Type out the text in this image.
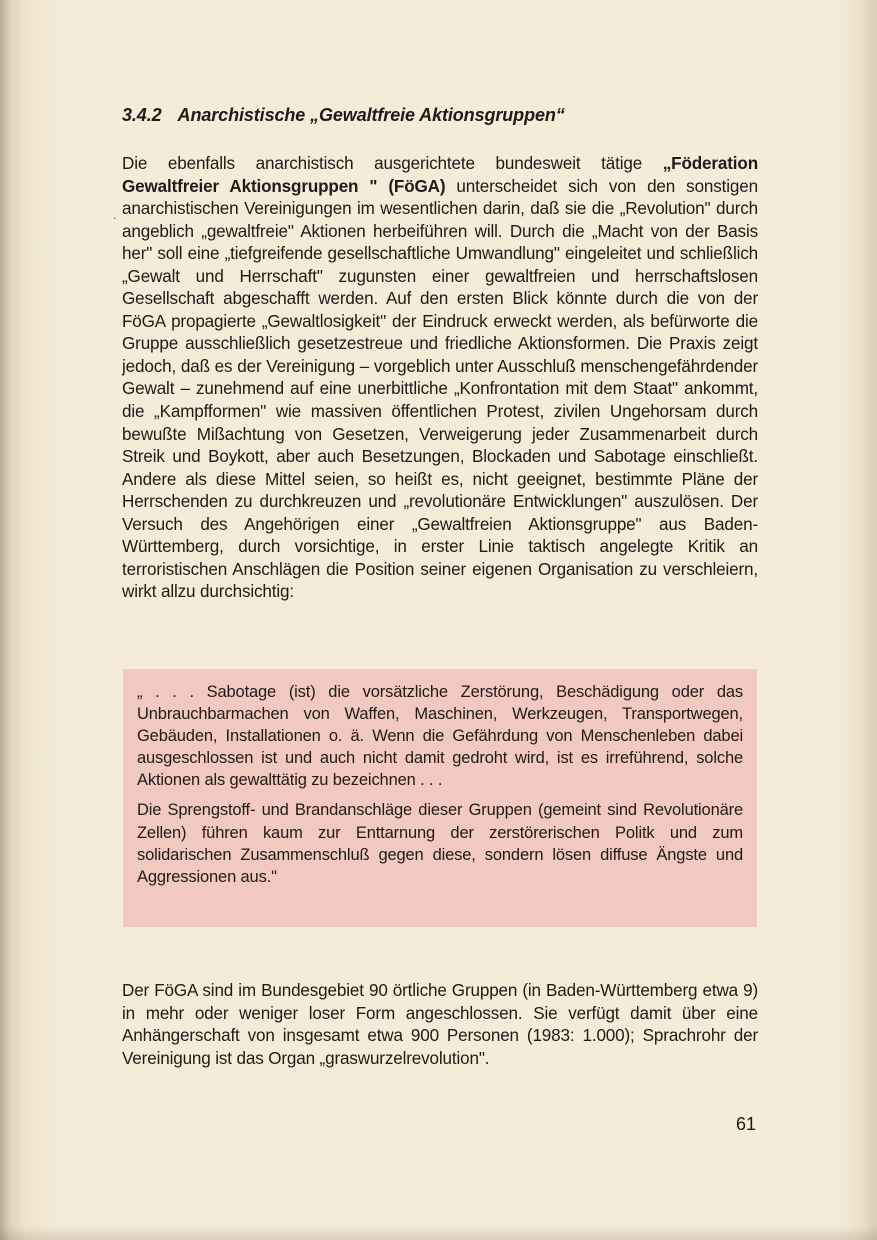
.
3.4.2 Anarchistische „Gewaltfreie Aktionsgruppen“

Die ebenfalls anarchistisch ausgerichtete bundesweit tätige „Föderation Gewaltfreier Aktionsgruppen " (FöGA) unterscheidet sich von den sonstigen anarchistischen Vereinigungen im wesentlichen darin, daß sie die „Revolution" durch angeblich „gewaltfreie" Aktionen herbeiführen will. Durch die „Macht von der Basis her" soll eine „tiefgreifende gesellschaftliche Umwandlung" eingeleitet und schließlich „Gewalt und Herrschaft" zugunsten einer gewaltfreien und herrschaftslosen Gesellschaft abgeschafft werden. Auf den ersten Blick könnte durch die von der FöGA propagierte „Gewaltlosigkeit" der Eindruck erweckt werden, als befürworte die Gruppe ausschließlich gesetzestreue und friedliche Aktionsformen. Die Praxis zeigt jedoch, daß es der Vereinigung – vorgeblich unter Ausschluß menschengefährdender Gewalt – zunehmend auf eine unerbittliche „Konfrontation mit dem Staat" ankommt, die „Kampfformen" wie massiven öffentlichen Protest, zivilen Ungehorsam durch bewußte Mißachtung von Gesetzen, Verweigerung jeder Zusammenarbeit durch Streik und Boykott, aber auch Besetzungen, Blockaden und Sabotage einschließt. Andere als diese Mittel seien, so heißt es, nicht geeignet, bestimmte Pläne der Herrschenden zu durchkreuzen und „revolutionäre Entwicklungen" auszulösen. Der Versuch des Angehörigen einer „Gewaltfreien Aktionsgruppe" aus Baden-Württemberg, durch vorsichtige, in erster Linie taktisch angelegte Kritik an terroristischen Anschlägen die Position seiner eigenen Organisation zu verschleiern, wirkt allzu durchsichtig:

„ . . . Sabotage (ist) die vorsätzliche Zerstörung, Beschädigung oder das Unbrauchbarmachen von Waffen, Maschinen, Werkzeugen, Transportwegen, Gebäuden, Installationen o. ä. Wenn die Gefährdung von Menschenleben dabei ausgeschlossen ist und auch nicht damit gedroht wird, ist es irreführend, solche Aktionen als gewalttätig zu bezeichnen . . .

Die Sprengstoff- und Brandanschläge dieser Gruppen (gemeint sind Revolutionäre Zellen) führen kaum zur Enttarnung der zerstörerischen Politk und zum solidarischen Zusammenschluß gegen diese, sondern lösen diffuse Ängste und Aggressionen aus."

Der FöGA sind im Bundesgebiet 90 örtliche Gruppen (in Baden-Württemberg etwa 9) in mehr oder weniger loser Form angeschlossen. Sie verfügt damit über eine Anhängerschaft von insgesamt etwa 900 Personen (1983: 1.000); Sprachrohr der Vereinigung ist das Organ „graswurzelrevolution".

61
